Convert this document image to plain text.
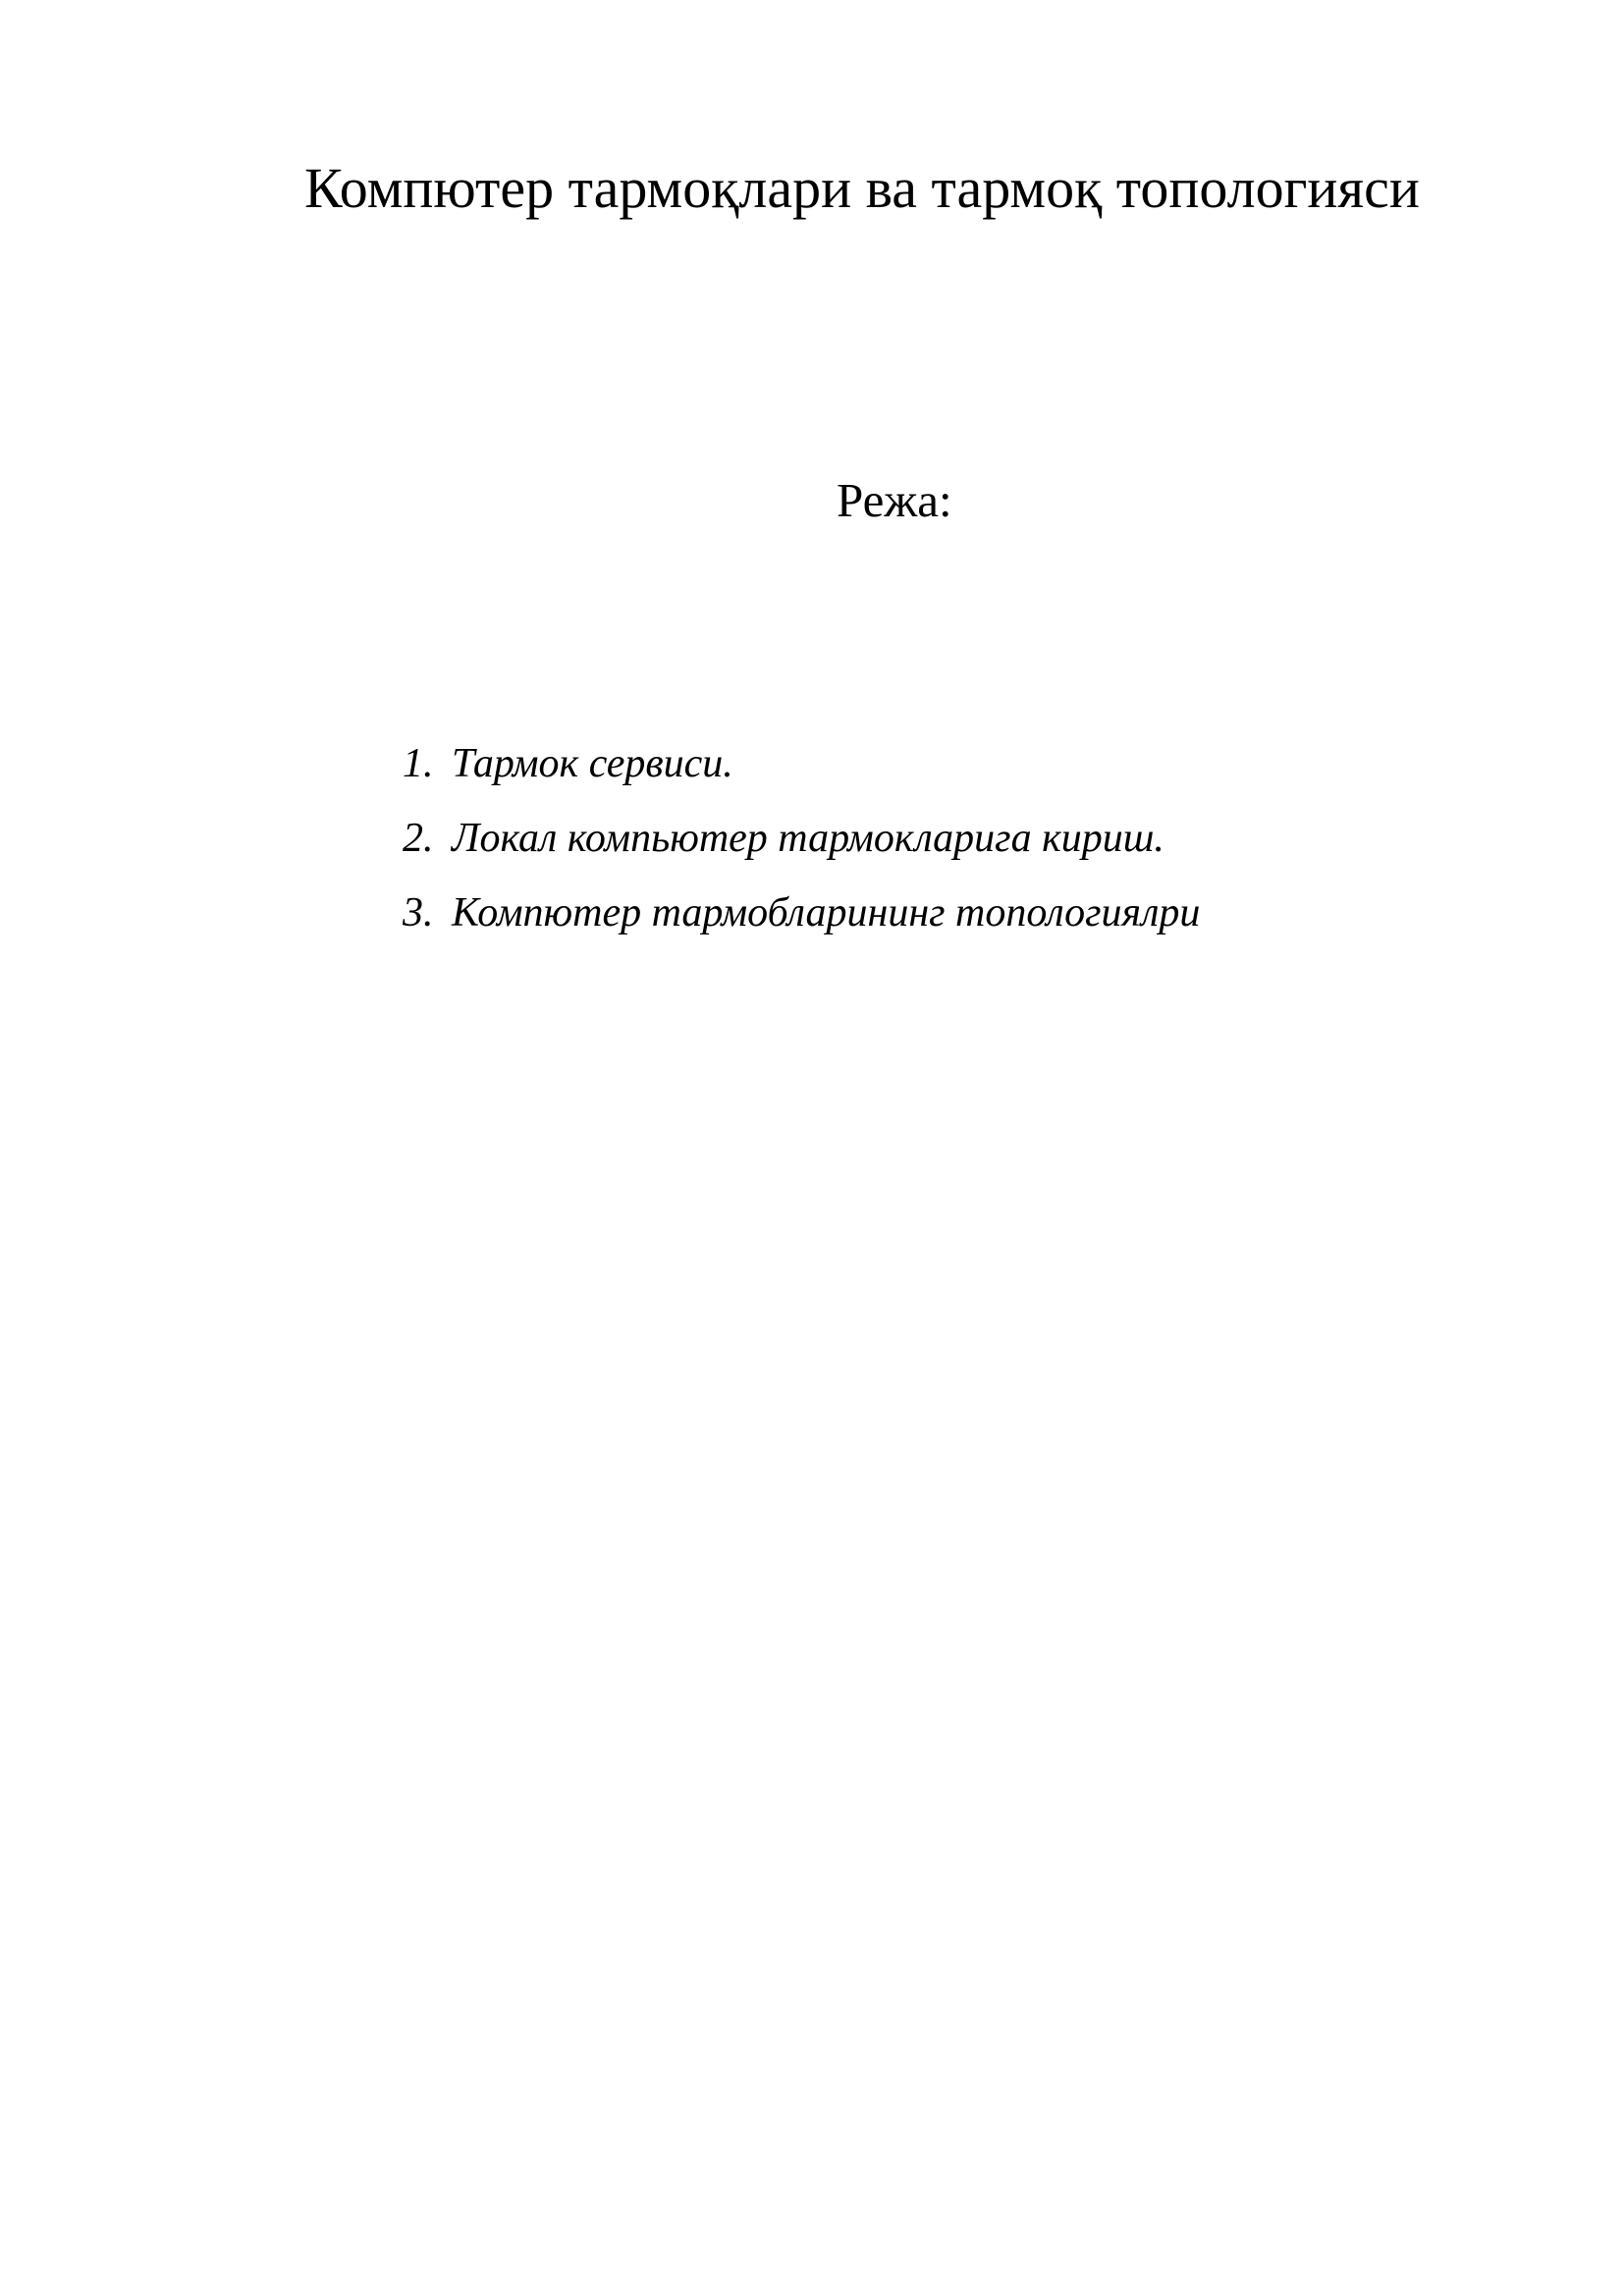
Компютер тармоқлари ва тармоқ топологияси
Режа:
1. Тармок сервиси.
2. Локал компьютер тармокларига кириш.
3. Компютер тармобларининг топологиялри
